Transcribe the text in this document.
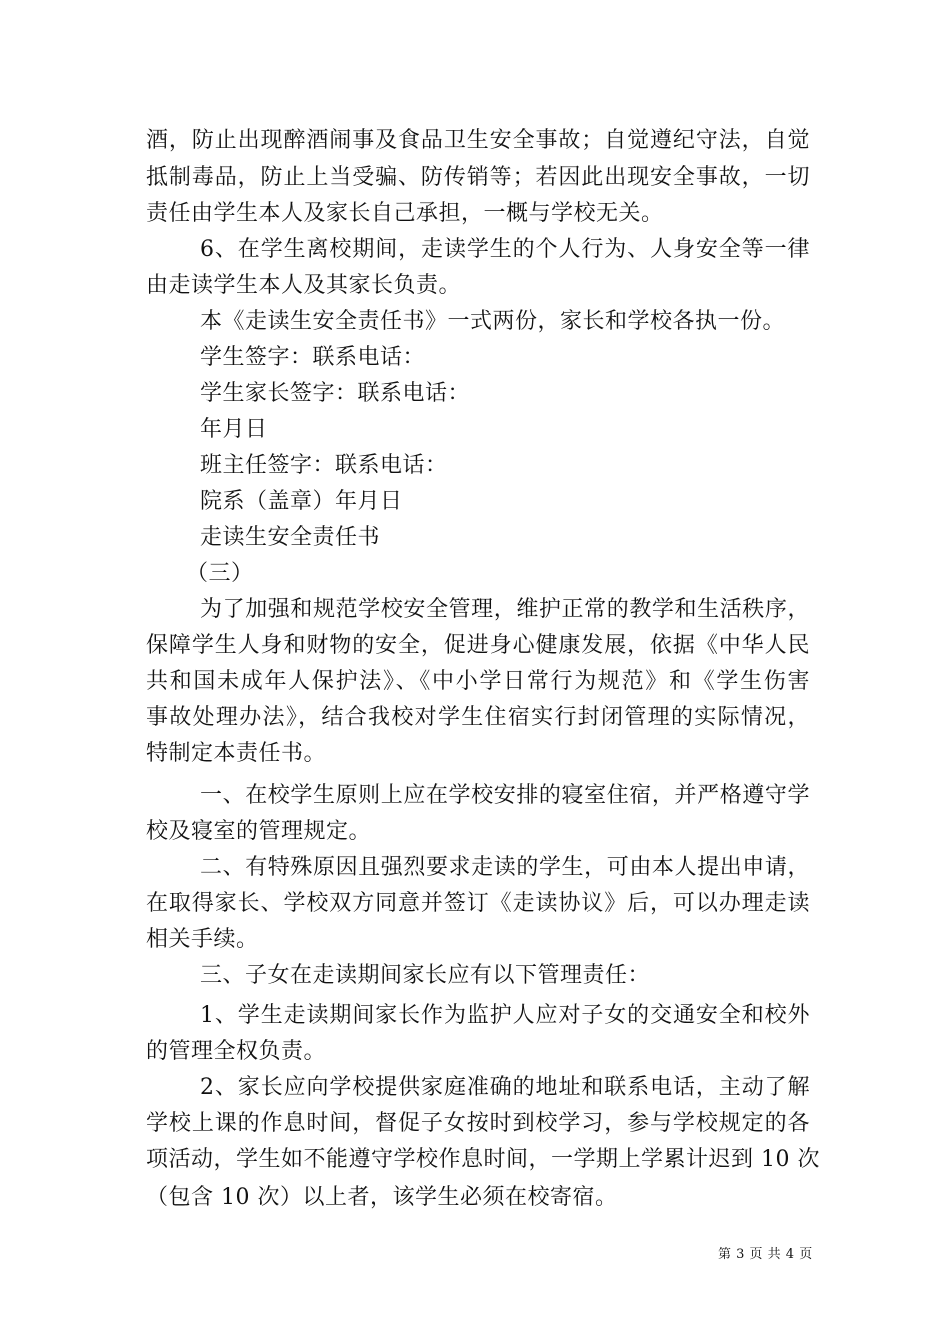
酒，防止出现醉酒闹事及食品卫生安全事故；自觉遵纪守法，自觉
抵制毒品，防止上当受骗、防传销等；若因此出现安全事故，一切
责任由学生本人及家长自己承担，一概与学校无关。
6、在学生离校期间，走读学生的个人行为、人身安全等一律
由走读学生本人及其家长负责。
本《走读生安全责任书》一式两份，家长和学校各执一份。
学生签字：联系电话：
学生家长签字：联系电话：
年月日
班主任签字：联系电话：
院系（盖章）年月日
走读生安全责任书
（三）
为了加强和规范学校安全管理，维护正常的教学和生活秩序，
保障学生人身和财物的安全，促进身心健康发展，依据《中华人民
共和国未成年人保护法》、《中小学日常行为规范》和《学生伤害
事故处理办法》，结合我校对学生住宿实行封闭管理的实际情况，
特制定本责任书。
一、在校学生原则上应在学校安排的寝室住宿，并严格遵守学
校及寝室的管理规定。
二、有特殊原因且强烈要求走读的学生，可由本人提出申请，
在取得家长、学校双方同意并签订《走读协议》后，可以办理走读
相关手续。
三、子女在走读期间家长应有以下管理责任：
1、学生走读期间家长作为监护人应对子女的交通安全和校外
的管理全权负责。
2、家长应向学校提供家庭准确的地址和联系电话，主动了解
学校上课的作息时间，督促子女按时到校学习，参与学校规定的各
项活动，学生如不能遵守学校作息时间，一学期上学累计迟到 10 次
（包含 10 次）以上者，该学生必须在校寄宿。
第 3 页 共 4 页
